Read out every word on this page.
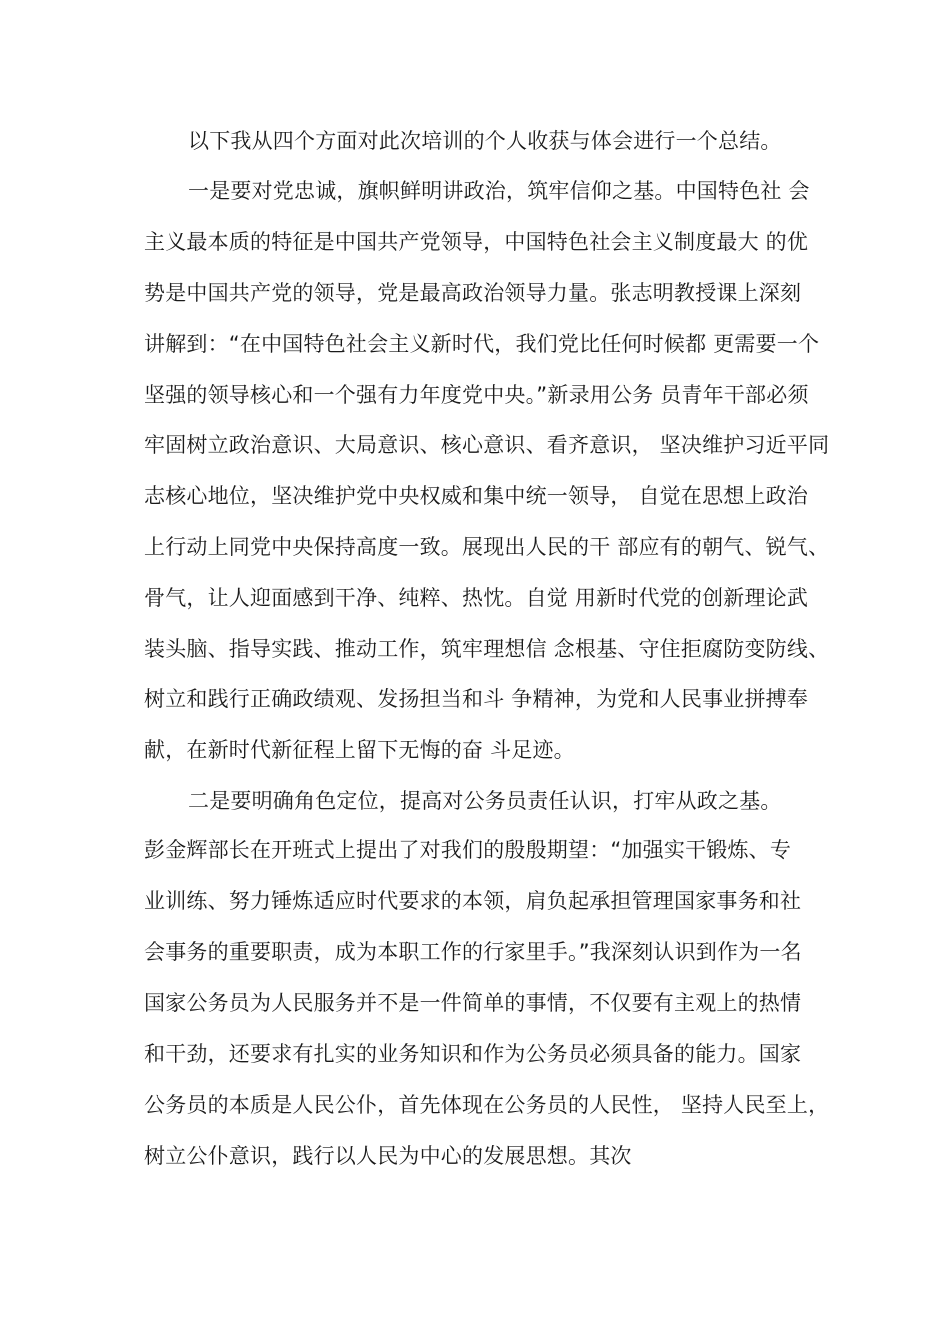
以下我从四个方面对此次培训的个人收获与体会进行一个总结。
一是要对党忠诚，旗帜鲜明讲政治，筑牢信仰之基。中国特色社 会
主义最本质的特征是中国共产党领导，中国特色社会主义制度最大 的优
势是中国共产党的领导，党是最高政治领导力量。张志明教授课上深刻
讲解到：“在中国特色社会主义新时代，我们党比任何时候都 更需要一个
坚强的领导核心和一个强有力年度党中央。”新录用公务 员青年干部必须
牢固树立政治意识、大局意识、核心意识、看齐意识， 坚决维护习近平同
志核心地位，坚决维护党中央权威和集中统一领导， 自觉在思想上政治
上行动上同党中央保持高度一致。展现出人民的干 部应有的朝气、锐气、
骨气，让人迎面感到干净、纯粹、热忱。自觉 用新时代党的创新理论武
装头脑、指导实践、推动工作，筑牢理想信 念根基、守住拒腐防变防线、
树立和践行正确政绩观、发扬担当和斗 争精神，为党和人民事业拼搏奉
献，在新时代新征程上留下无悔的奋 斗足迹。
二是要明确角色定位，提高对公务员责任认识，打牢从政之基。
彭金辉部长在开班式上提出了对我们的殷殷期望：“加强实干锻炼、专
业训练、努力锤炼适应时代要求的本领，肩负起承担管理国家事务和社
会事务的重要职责，成为本职工作的行家里手。”我深刻认识到作为一名
国家公务员为人民服务并不是一件简单的事情，不仅要有主观上的热情
和干劲，还要求有扎实的业务知识和作为公务员必须具备的能力。国家
公务员的本质是人民公仆，首先体现在公务员的人民性， 坚持人民至上，
树立公仆意识，践行以人民为中心的发展思想。其次
